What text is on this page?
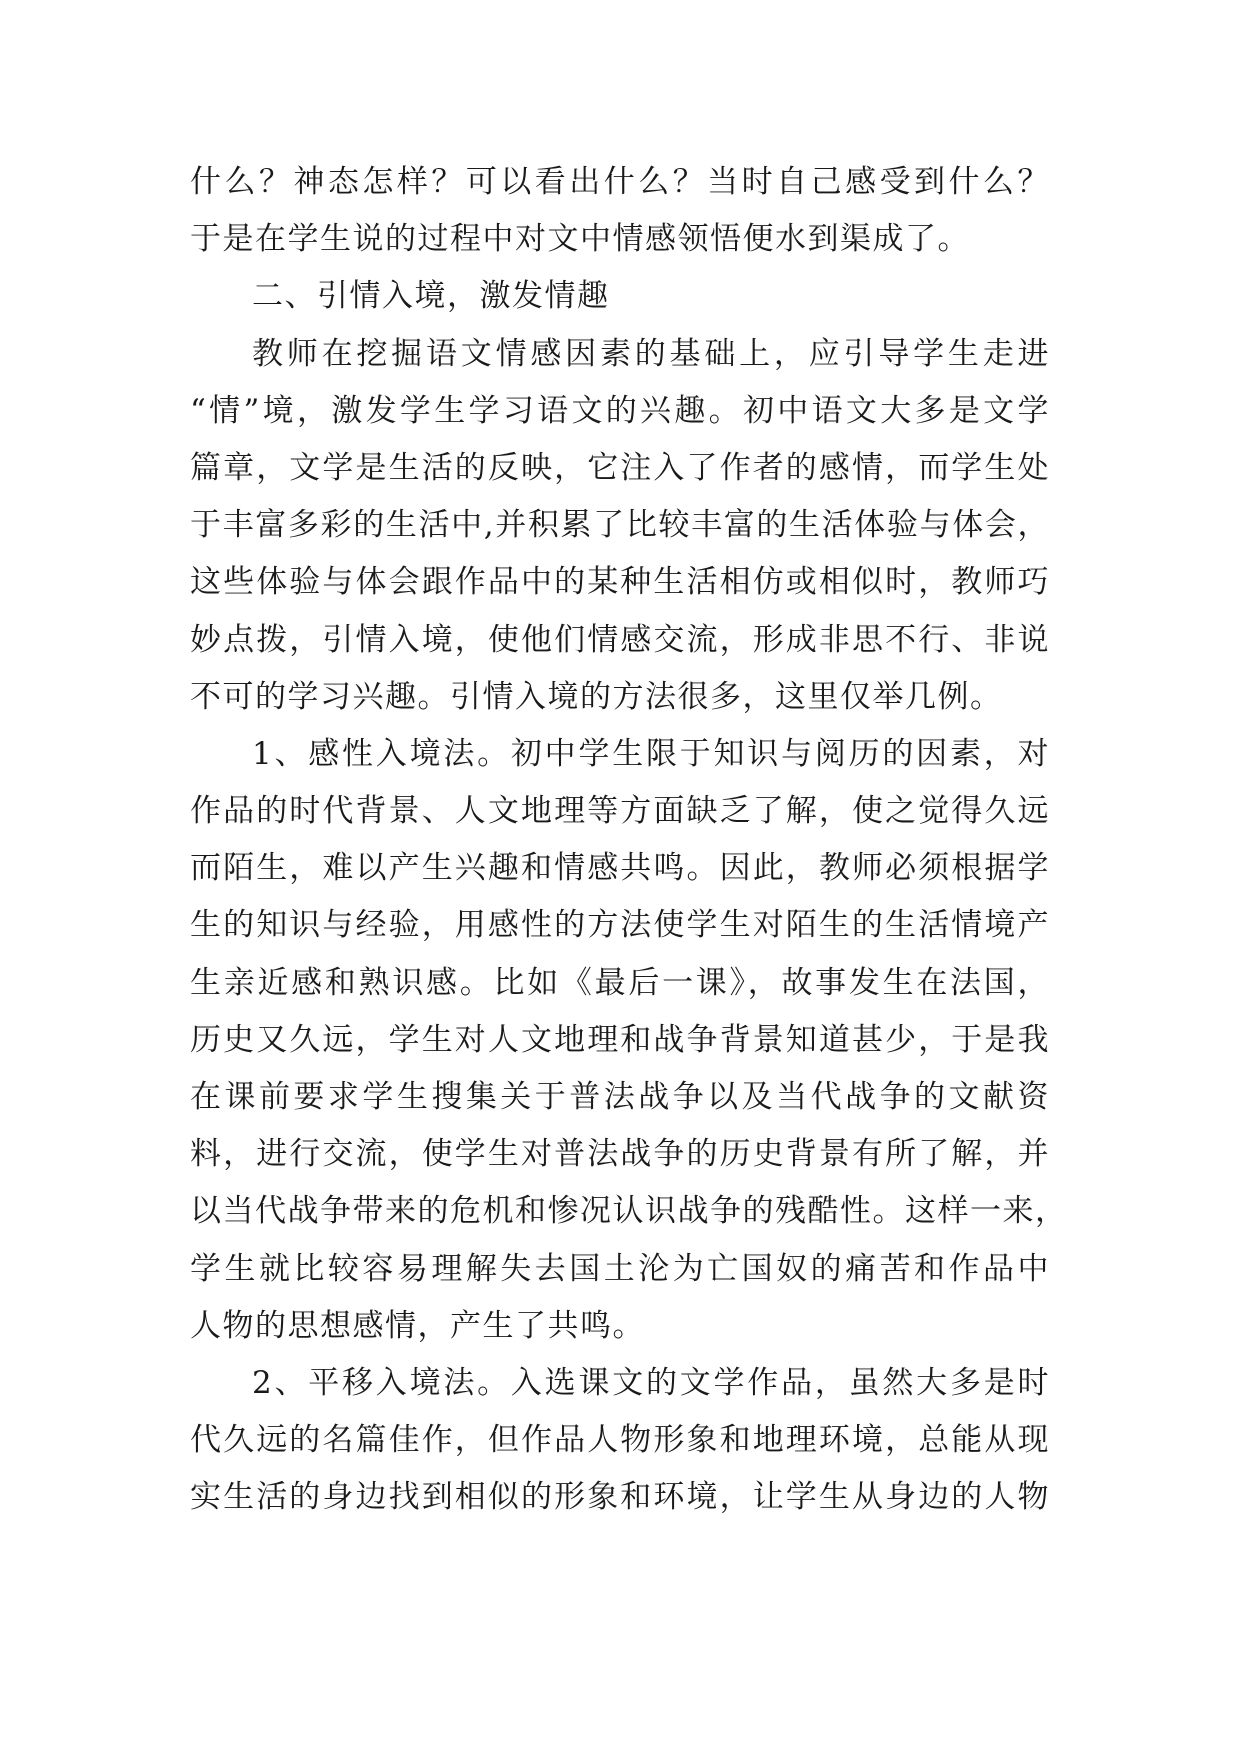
什么？神态怎样？可以看出什么？当时自己感受到什么？
于是在学生说的过程中对文中情感领悟便水到渠成了。
二、引情入境，激发情趣
教师在挖掘语文情感因素的基础上，应引导学生走进
“情”境，激发学生学习语文的兴趣。初中语文大多是文学
篇章，文学是生活的反映，它注入了作者的感情，而学生处
于丰富多彩的生活中,并积累了比较丰富的生活体验与体会，
这些体验与体会跟作品中的某种生活相仿或相似时，教师巧
妙点拨，引情入境，使他们情感交流，形成非思不行、非说
不可的学习兴趣。引情入境的方法很多，这里仅举几例。
1、感性入境法。初中学生限于知识与阅历的因素，对
作品的时代背景、人文地理等方面缺乏了解，使之觉得久远
而陌生，难以产生兴趣和情感共鸣。因此，教师必须根据学
生的知识与经验，用感性的方法使学生对陌生的生活情境产
生亲近感和熟识感。比如《最后一课》，故事发生在法国，
历史又久远，学生对人文地理和战争背景知道甚少，于是我
在课前要求学生搜集关于普法战争以及当代战争的文献资
料，进行交流，使学生对普法战争的历史背景有所了解，并
以当代战争带来的危机和惨况认识战争的残酷性。这样一来，
学生就比较容易理解失去国土沦为亡国奴的痛苦和作品中
人物的思想感情，产生了共鸣。
2、平移入境法。入选课文的文学作品，虽然大多是时
代久远的名篇佳作，但作品人物形象和地理环境，总能从现
实生活的身边找到相似的形象和环境，让学生从身边的人物
